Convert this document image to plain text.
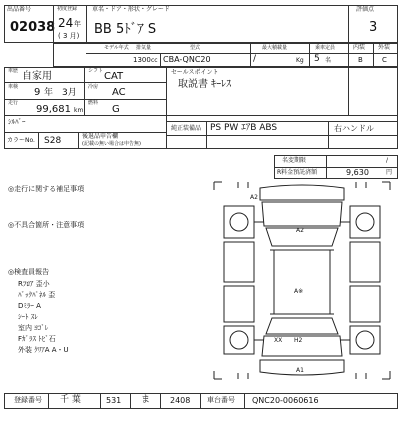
出品番号
02038
初度登録
24 年
( 3 月)
車名・ドア・形状・グレード
BB 5ﾄﾞｱ S
評価点
3
モデル年式 排気量	型式	最大積載量	乗車定員
1300 cc CBA-QNC20	/	Kg 5 名
内装 外装
B	C
車歴 自家用	シフト CAT
車検 9 年　3月
冷房 AC
走行
99,681 km
燃料
G
ｼﾙﾊﾞｰ
カラーNo. S28	後退品申告欄
(記載の無い場合は申告無)
セールスポイント
取説書 ｷｰﾚｽ
純正装備品 PS PW ｴｱB ABS	右ハンドル
名変期限	/
R料金預託済額	9,630	円
◎走行に関する補足事項
◎不具合箇所・注意事項
◎検査員報告
Rﾌﾛｱ 歪小
ﾊﾞｯｸﾊﾟﾈﾙ 歪
Dﾐﾗｰ A
ｼｰﾄ ｽﾚ
室内 ﾖｺﾞﾚ
Fｶﾞﾗｽ ﾄﾋﾞ石
外装 ｸﾘｱA A・U
A2
A2
A※
XX H2
A1
登録番号 千 葉	531 ま 2408 車台番号 QNC20-0060616
